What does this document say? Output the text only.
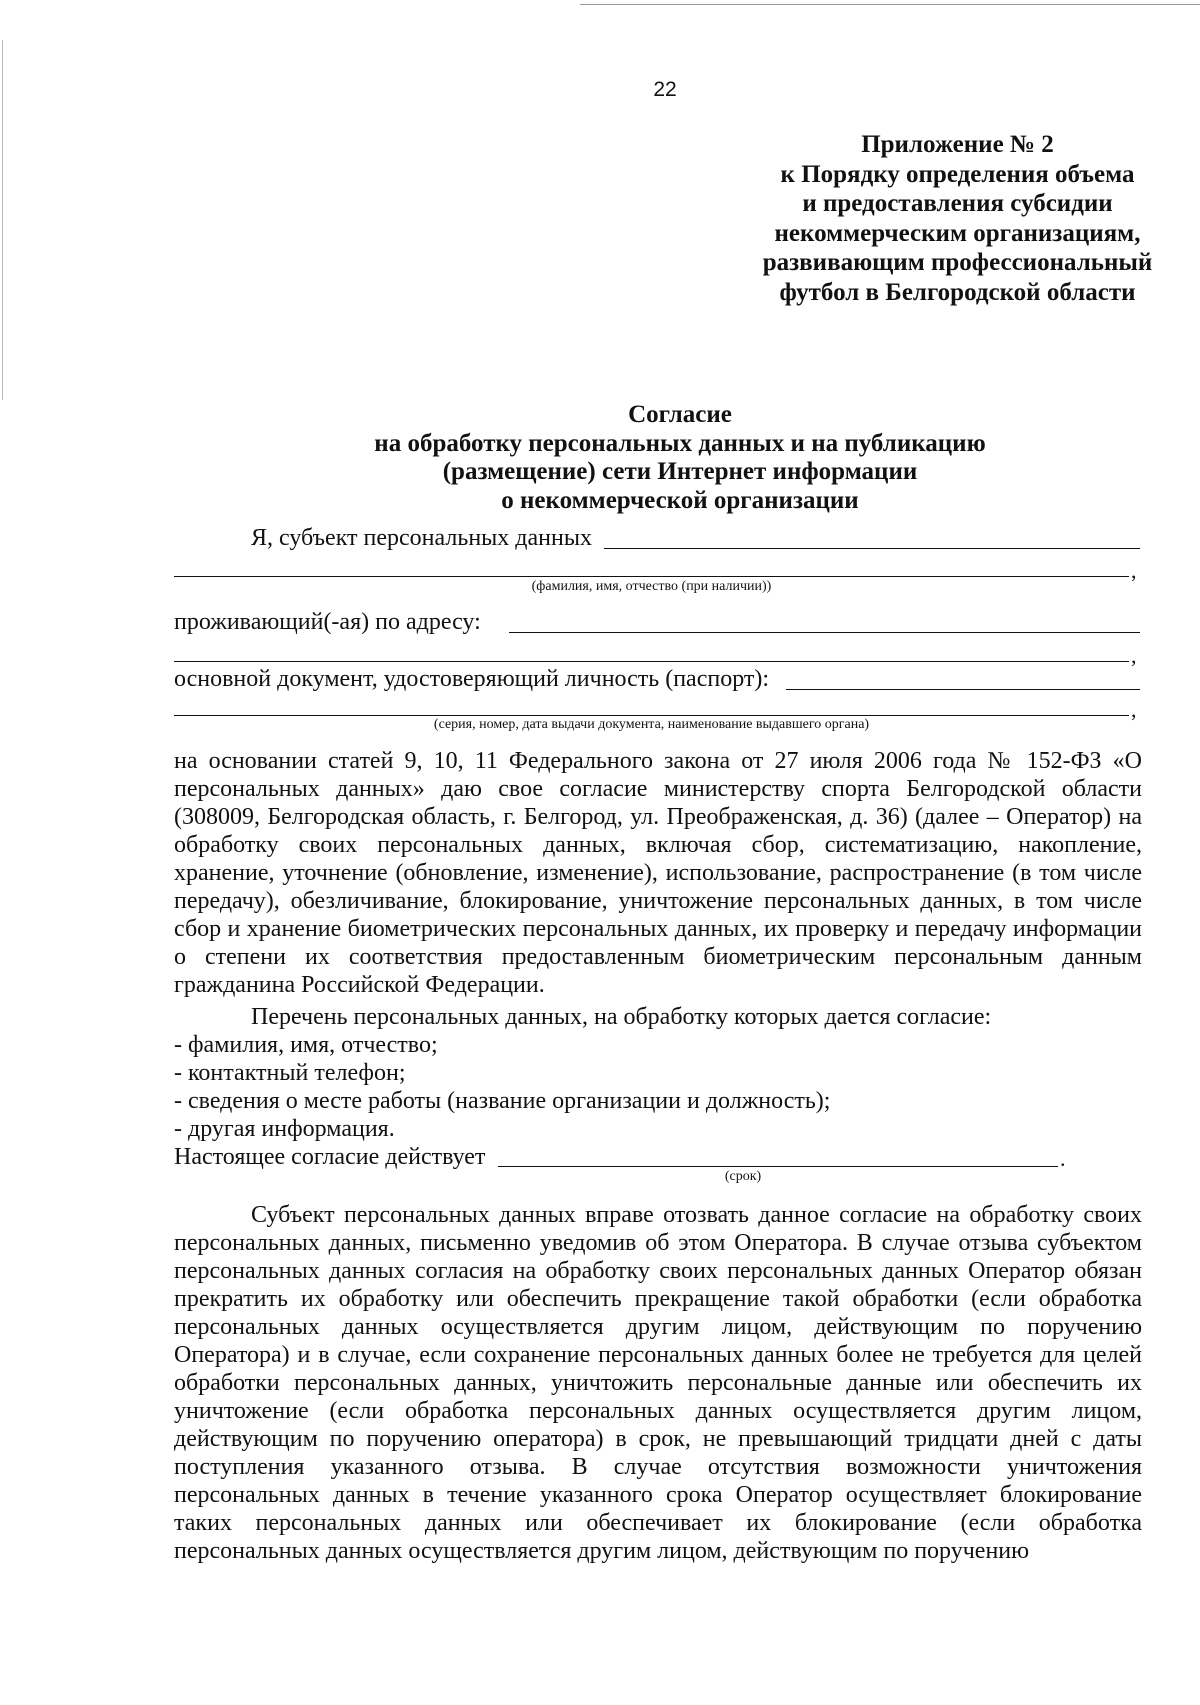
22
Приложение № 2
к Порядку определения объема
и предоставления субсидии
некоммерческим организациям,
развивающим профессиональный
футбол в Белгородской области
Согласие
на обработку персональных данных и на публикацию
(размещение) сети Интернет информации
о некоммерческой организации
Я, субъект персональных данных
,
(фамилия, имя, отчество (при наличии))
проживающий(-ая) по адресу:
,
основной документ, удостоверяющий личность (паспорт):
,
(серия, номер, дата выдачи документа, наименование выдавшего органа)
на основании статей 9, 10, 11 Федерального закона от 27 июля 2006 года № 152-ФЗ «О персональных данных» даю свое согласие министерству спорта Белгородской области (308009, Белгородская область, г. Белгород, ул. Преображенская, д. 36) (далее – Оператор) на обработку своих персональных данных, включая сбор, систематизацию, накопление, хранение, уточнение (обновление, изменение), использование, распространение (в том числе передачу), обезличивание, блокирование, уничтожение персональных данных, в том числе сбор и хранение биометрических персональных данных, их проверку и передачу информации о степени их соответствия предоставленным биометрическим персональным данным гражданина Российской Федерации.
Перечень персональных данных, на обработку которых дается согласие:
- фамилия, имя, отчество;
- контактный телефон;
- сведения о месте работы (название организации и должность);
- другая информация.
Настоящее согласие действует	.
(срок)
Субъект персональных данных вправе отозвать данное согласие на обработку своих персональных данных, письменно уведомив об этом Оператора. В случае отзыва субъектом персональных данных согласия на обработку своих персональных данных Оператор обязан прекратить их обработку или обеспечить прекращение такой обработки (если обработка персональных данных осуществляется другим лицом, действующим по поручению Оператора) и в случае, если сохранение персональных данных более не требуется для целей обработки персональных данных, уничтожить персональные данные или обеспечить их уничтожение (если обработка персональных данных осуществляется другим лицом, действующим по поручению оператора) в срок, не превышающий тридцати дней с даты поступления указанного отзыва. В случае отсутствия возможности уничтожения персональных данных в течение указанного срока Оператор осуществляет блокирование таких персональных данных или обеспечивает их блокирование (если обработка персональных данных осуществляется другим лицом, действующим по поручению
